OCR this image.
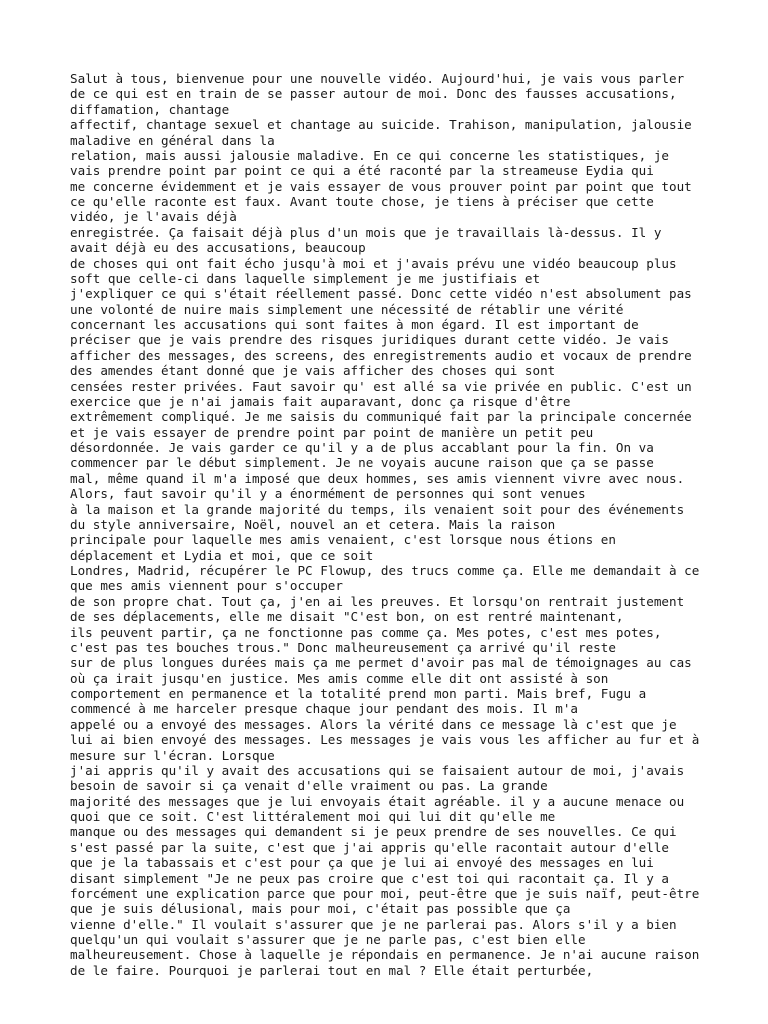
Salut à tous, bienvenue pour une nouvelle vidéo. Aujourd'hui, je vais vous parler
de ce qui est en train de se passer autour de moi. Donc des fausses accusations,
diffamation, chantage
affectif, chantage sexuel et chantage au suicide. Trahison, manipulation, jalousie
maladive en général dans la
relation, mais aussi jalousie maladive. En ce qui concerne les statistiques, je
vais prendre point par point ce qui a été raconté par la streameuse Eydia qui
me concerne évidemment et je vais essayer de vous prouver point par point que tout
ce qu'elle raconte est faux. Avant toute chose, je tiens à préciser que cette
vidéo, je l'avais déjà
enregistrée. Ça faisait déjà plus d'un mois que je travaillais là-dessus. Il y
avait déjà eu des accusations, beaucoup
de choses qui ont fait écho jusqu'à moi et j'avais prévu une vidéo beaucoup plus
soft que celle-ci dans laquelle simplement je me justifiais et
j'expliquer ce qui s'était réellement passé. Donc cette vidéo n'est absolument pas
une volonté de nuire mais simplement une nécessité de rétablir une vérité
concernant les accusations qui sont faites à mon égard. Il est important de
préciser que je vais prendre des risques juridiques durant cette vidéo. Je vais
afficher des messages, des screens, des enregistrements audio et vocaux de prendre
des amendes étant donné que je vais afficher des choses qui sont
censées rester privées. Faut savoir qu' est allé sa vie privée en public. C'est un
exercice que je n'ai jamais fait auparavant, donc ça risque d'être
extrêmement compliqué. Je me saisis du communiqué fait par la principale concernée
et je vais essayer de prendre point par point de manière un petit peu
désordonnée. Je vais garder ce qu'il y a de plus accablant pour la fin. On va
commencer par le début simplement. Je ne voyais aucune raison que ça se passe
mal, même quand il m'a imposé que deux hommes, ses amis viennent vivre avec nous.
Alors, faut savoir qu'il y a énormément de personnes qui sont venues
à la maison et la grande majorité du temps, ils venaient soit pour des événements
du style anniversaire, Noël, nouvel an et cetera. Mais la raison
principale pour laquelle mes amis venaient, c'est lorsque nous étions en
déplacement et Lydia et moi, que ce soit
Londres, Madrid, récupérer le PC Flowup, des trucs comme ça. Elle me demandait à ce
que mes amis viennent pour s'occuper
de son propre chat. Tout ça, j'en ai les preuves. Et lorsqu'on rentrait justement
de ses déplacements, elle me disait "C'est bon, on est rentré maintenant,
ils peuvent partir, ça ne fonctionne pas comme ça. Mes potes, c'est mes potes,
c'est pas tes bouches trous." Donc malheureusement ça arrivé qu'il reste
sur de plus longues durées mais ça me permet d'avoir pas mal de témoignages au cas
où ça irait jusqu'en justice. Mes amis comme elle dit ont assisté à son
comportement en permanence et la totalité prend mon parti. Mais bref, Fugu a
commencé à me harceler presque chaque jour pendant des mois. Il m'a
appelé ou a envoyé des messages. Alors la vérité dans ce message là c'est que je
lui ai bien envoyé des messages. Les messages je vais vous les afficher au fur et à
mesure sur l'écran. Lorsque
j'ai appris qu'il y avait des accusations qui se faisaient autour de moi, j'avais
besoin de savoir si ça venait d'elle vraiment ou pas. La grande
majorité des messages que je lui envoyais était agréable. il y a aucune menace ou
quoi que ce soit. C'est littéralement moi qui lui dit qu'elle me
manque ou des messages qui demandent si je peux prendre de ses nouvelles. Ce qui
s'est passé par la suite, c'est que j'ai appris qu'elle racontait autour d'elle
que je la tabassais et c'est pour ça que je lui ai envoyé des messages en lui
disant simplement "Je ne peux pas croire que c'est toi qui racontait ça. Il y a
forcément une explication parce que pour moi, peut-être que je suis naïf, peut-être
que je suis délusional, mais pour moi, c'était pas possible que ça
vienne d'elle." Il voulait s'assurer que je ne parlerai pas. Alors s'il y a bien
quelqu'un qui voulait s'assurer que je ne parle pas, c'est bien elle
malheureusement. Chose à laquelle je répondais en permanence. Je n'ai aucune raison
de le faire. Pourquoi je parlerai tout en mal ? Elle était perturbée,
